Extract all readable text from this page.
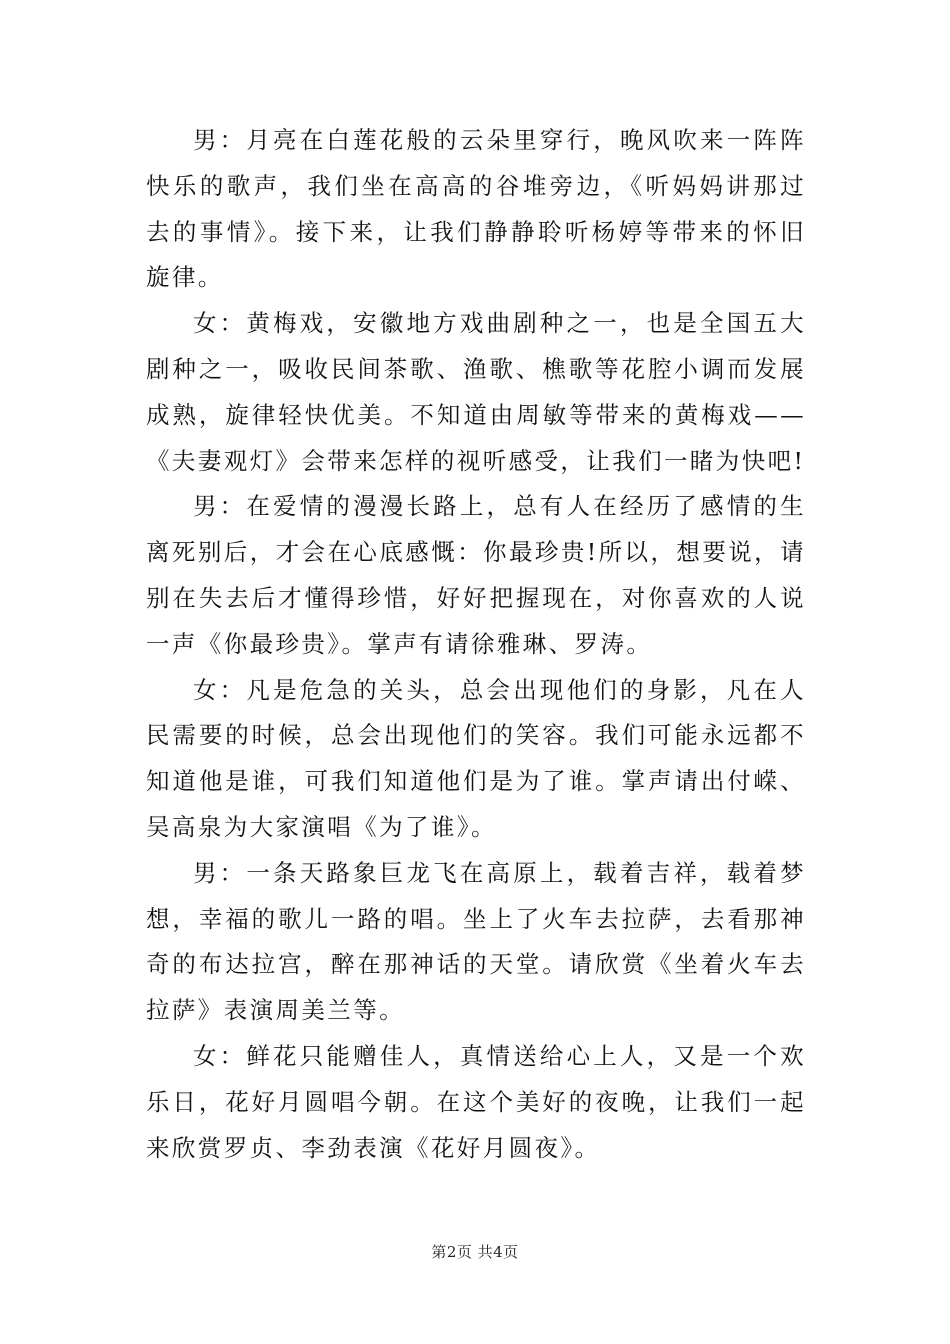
男：月亮在白莲花般的云朵里穿行，晚风吹来一阵阵快乐的歌声，我们坐在高高的谷堆旁边，《听妈妈讲那过去的事情》。接下来，让我们静静聆听杨婷等带来的怀旧旋律。

女：黄梅戏，安徽地方戏曲剧种之一，也是全国五大剧种之一，吸收民间茶歌、渔歌、樵歌等花腔小调而发展成熟，旋律轻快优美。不知道由周敏等带来的黄梅戏——《夫妻观灯》会带来怎样的视听感受，让我们一睹为快吧!

男：在爱情的漫漫长路上，总有人在经历了感情的生离死别后，才会在心底感慨：你最珍贵!所以，想要说，请别在失去后才懂得珍惜，好好把握现在，对你喜欢的人说一声《你最珍贵》。掌声有请徐雅琳、罗涛。

女：凡是危急的关头，总会出现他们的身影，凡在人民需要的时候，总会出现他们的笑容。我们可能永远都不知道他是谁，可我们知道他们是为了谁。掌声请出付嵘、吴高泉为大家演唱《为了谁》。

男：一条天路象巨龙飞在高原上，载着吉祥，载着梦想，幸福的歌儿一路的唱。坐上了火车去拉萨，去看那神奇的布达拉宫，醉在那神话的天堂。请欣赏《坐着火车去拉萨》表演周美兰等。

女：鲜花只能赠佳人，真情送给心上人，又是一个欢乐日，花好月圆唱今朝。在这个美好的夜晚，让我们一起来欣赏罗贞、李劲表演《花好月圆夜》。

第2页 共4页
